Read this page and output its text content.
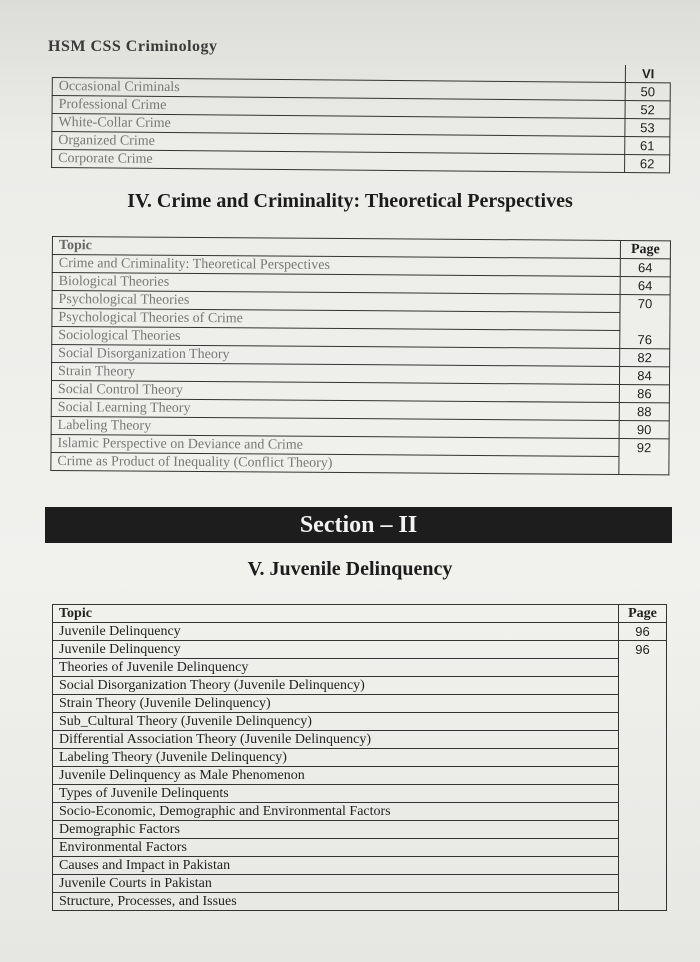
HSM CSS Criminology
	VI
Occasional Criminals	50
Professional Crime	52
White-Collar Crime	53
Organized Crime	61
Corporate Crime	62
IV. Crime and Criminality: Theoretical Perspectives
Topic	Page
Crime and Criminality: Theoretical Perspectives	64
Biological Theories	64
Psychological Theories	70
Psychological Theories of Crime	
Sociological Theories	76
Social Disorganization Theory	82
Strain Theory	84
Social Control Theory	86
Social Learning Theory	88
Labeling Theory	90
Islamic Perspective on Deviance and Crime	92
Crime as Product of Inequality (Conflict Theory)	
Section – II
V. Juvenile Delinquency
Topic	Page
Juvenile Delinquency	96
Juvenile Delinquency	96
Theories of Juvenile Delinquency	
Social Disorganization Theory (Juvenile Delinquency)	
Strain Theory (Juvenile Delinquency)	
Sub_Cultural Theory (Juvenile Delinquency)	
Differential Association Theory (Juvenile Delinquency)	
Labeling Theory (Juvenile Delinquency)	
Juvenile Delinquency as Male Phenomenon	
Types of Juvenile Delinquents	
Socio-Economic, Demographic and Environmental Factors	
Demographic Factors	
Environmental Factors	
Causes and Impact in Pakistan	
Juvenile Courts in Pakistan	
Structure, Processes, and Issues	
